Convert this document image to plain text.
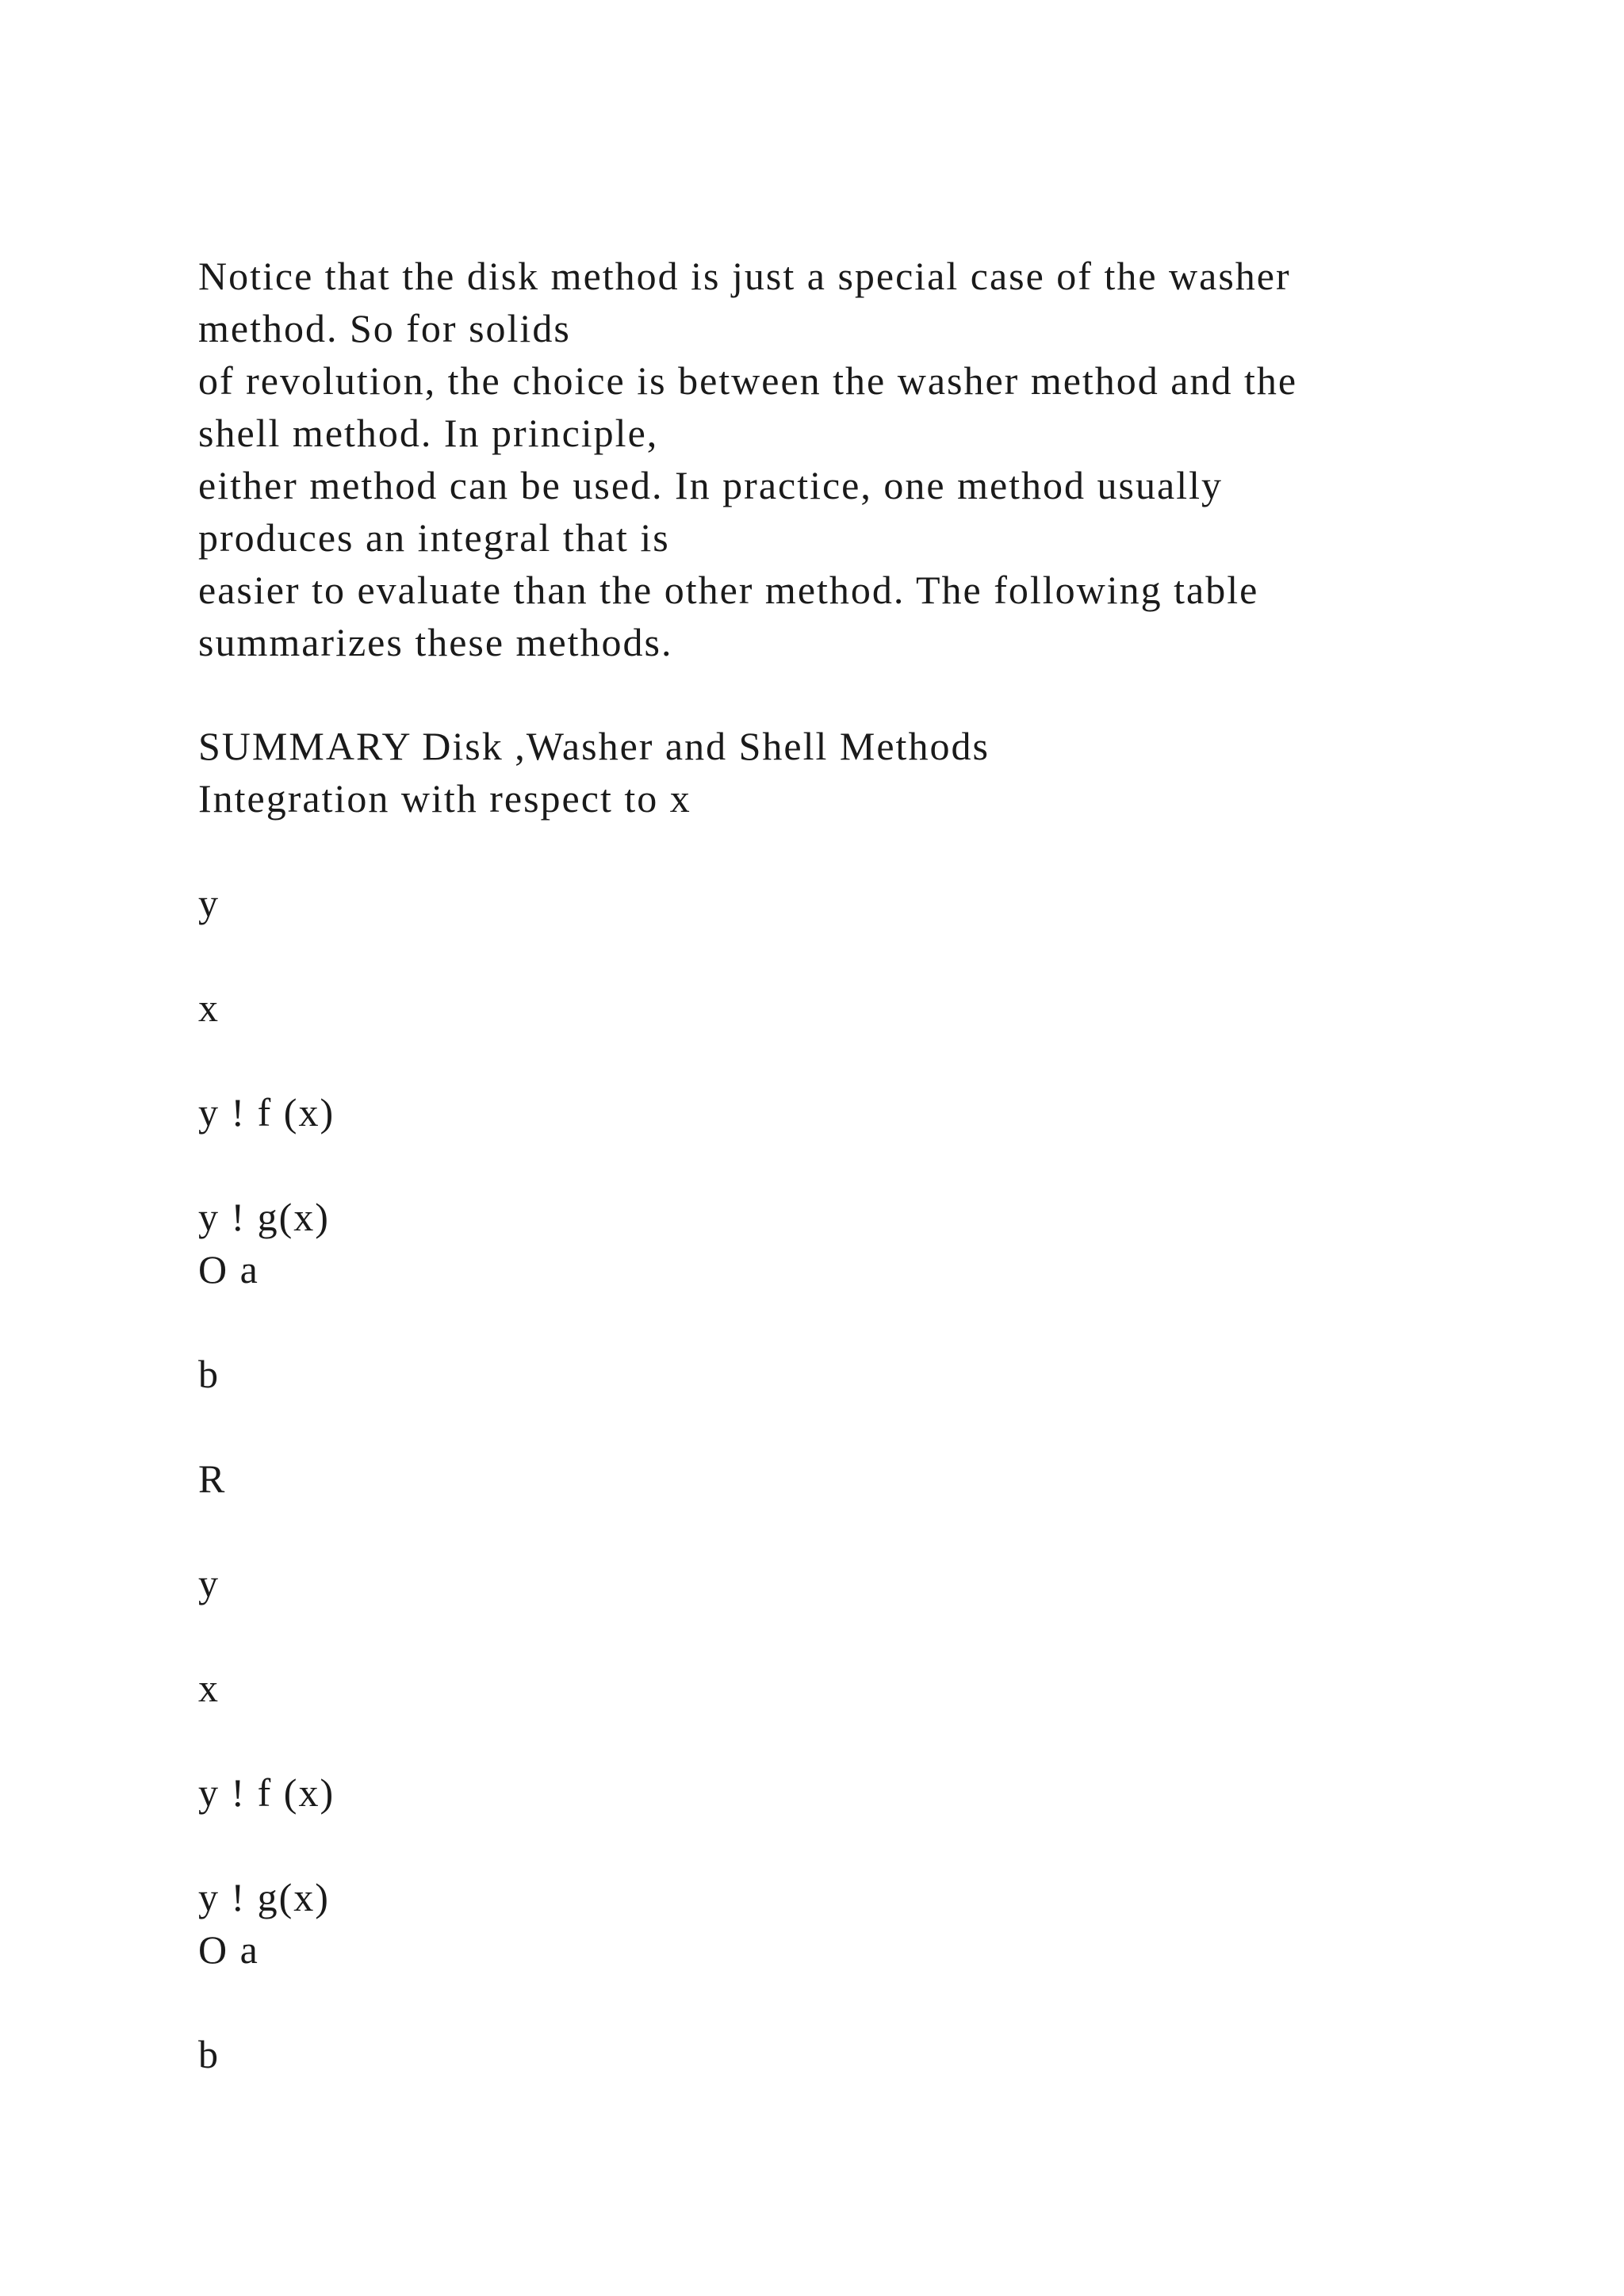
Notice that the disk method is just a special case of the washer
method. So for solids
of revolution, the choice is between the washer method and the
shell method. In principle,
either method can be used. In practice, one method usually
produces an integral that is
easier to evaluate than the other method. The following table
summarizes these methods.
SUMMARY Disk ,Washer and Shell Methods
Integration with respect to x
y
x
y ! f (x)
y ! g(x)
O a
b
R
y
x
y ! f (x)
y ! g(x)
O a
b
